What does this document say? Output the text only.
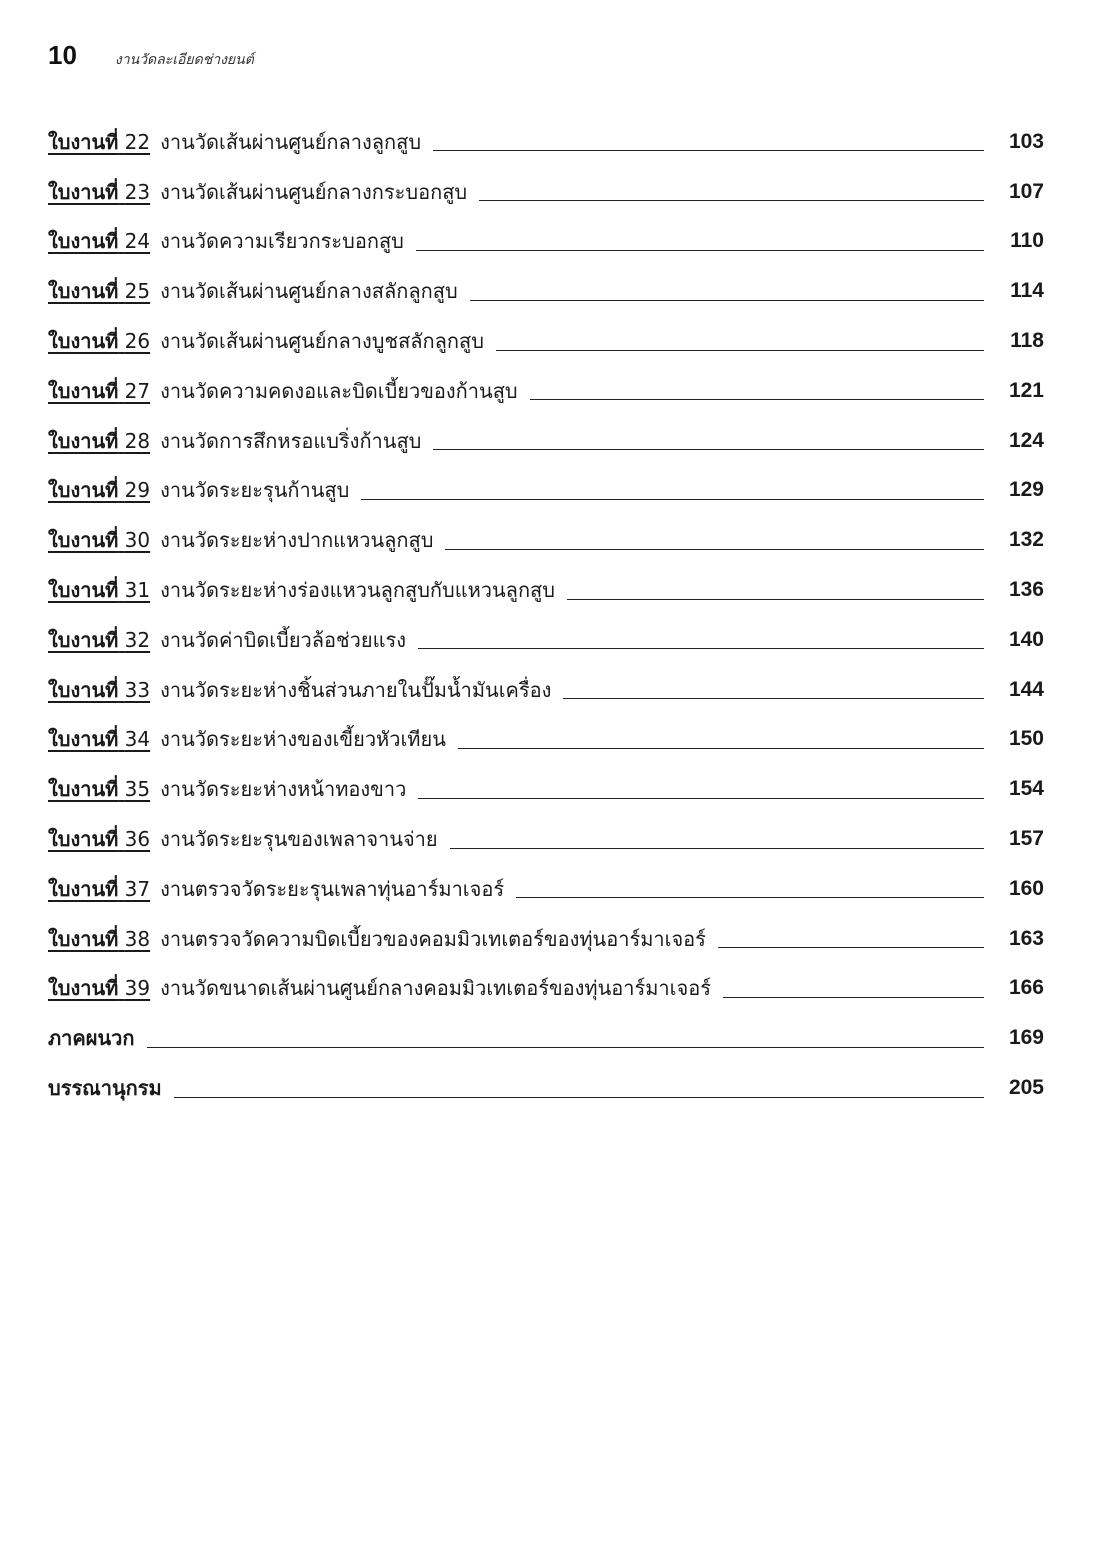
10	งานวัดละเอียดช่างยนต์
ใบงานที่ 22 งานวัดเส้นผ่านศูนย์กลางลูกสูบ	103
ใบงานที่ 23 งานวัดเส้นผ่านศูนย์กลางกระบอกสูบ	107
ใบงานที่ 24 งานวัดความเรียวกระบอกสูบ	110
ใบงานที่ 25 งานวัดเส้นผ่านศูนย์กลางสลักลูกสูบ	114
ใบงานที่ 26 งานวัดเส้นผ่านศูนย์กลางบูชสลักลูกสูบ	118
ใบงานที่ 27 งานวัดความคดงอและบิดเบี้ยวของก้านสูบ	121
ใบงานที่ 28 งานวัดการสึกหรอแบริ่งก้านสูบ	124
ใบงานที่ 29 งานวัดระยะรุนก้านสูบ	129
ใบงานที่ 30 งานวัดระยะห่างปากแหวนลูกสูบ	132
ใบงานที่ 31 งานวัดระยะห่างร่องแหวนลูกสูบกับแหวนลูกสูบ	136
ใบงานที่ 32 งานวัดค่าบิดเบี้ยวล้อช่วยแรง	140
ใบงานที่ 33 งานวัดระยะห่างชิ้นส่วนภายในปั๊มน้ำมันเครื่อง	144
ใบงานที่ 34 งานวัดระยะห่างของเขี้ยวหัวเทียน	150
ใบงานที่ 35 งานวัดระยะห่างหน้าทองขาว	154
ใบงานที่ 36 งานวัดระยะรุนของเพลาจานจ่าย	157
ใบงานที่ 37 งานตรวจวัดระยะรุนเพลาทุ่นอาร์มาเจอร์	160
ใบงานที่ 38 งานตรวจวัดความบิดเบี้ยวของคอมมิวเทเตอร์ของทุ่นอาร์มาเจอร์	163
ใบงานที่ 39 งานวัดขนาดเส้นผ่านศูนย์กลางคอมมิวเทเตอร์ของทุ่นอาร์มาเจอร์	166
ภาคผนวก	169
บรรณานุกรม	205
